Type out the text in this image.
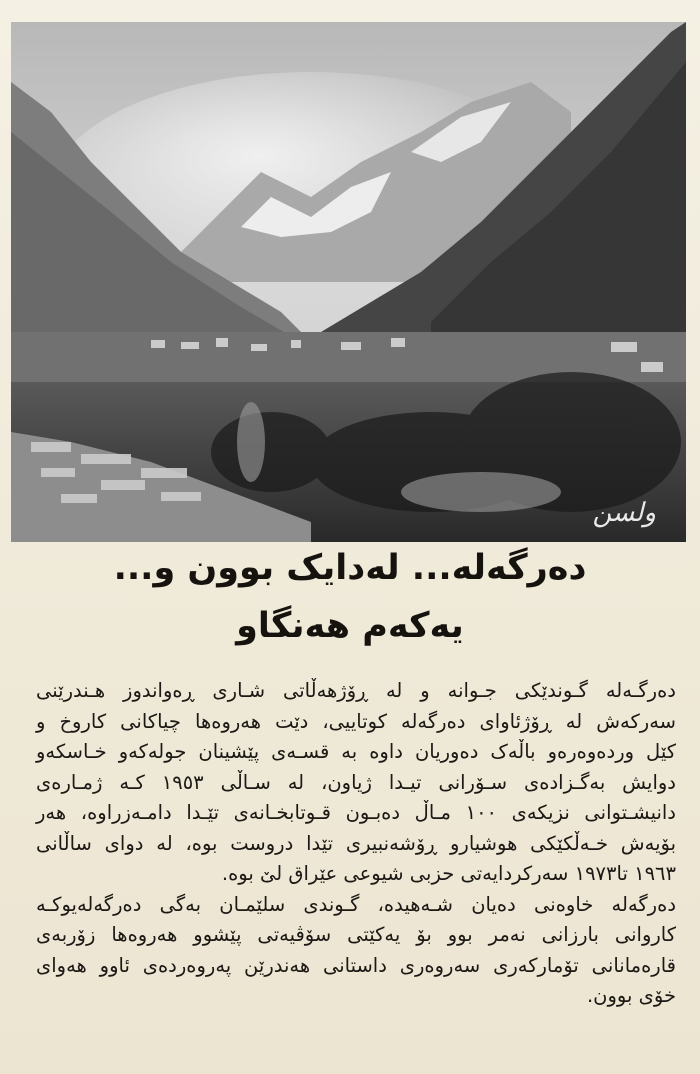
ولسن
دەرگەلە... لەدایک بوون و...
یەکەم هەنگاو
دەرگـەلە گـوندێکی جـوانە و لە ڕۆژهەڵاتی شـاری ڕەواندوز هـندرێنی
سەرکەش لە ڕۆژئاوای دەرگەلە کوتاییی، دێت هەروەها چیاکانی کاروخ و
کێل وردەوەرەو باڵەک دەوریان داوە بە قسـەی پێشینان جولەکەو خـاسکەو
دوایش بەگـزادەی سـۆرانی تیـدا ژیاون، لە سـاڵی ١٩٥٣ کـە ژمـارەی
دانیشـتوانی نزیکەی ١٠٠ مـاڵ دەبـون قـوتابخـانەی تێـدا دامـەزراوە، هەر
بۆیەش خـەڵکێکی هوشیارو ڕۆشەنبیری تێدا دروست بوە، لە دوای ساڵانی
١٩٦٣ تا١٩٧٣ سەرکردایەتی حزبی شیوعی عێراق لێ بوە.
دەرگەلە خاوەنی دەیان شـەهیدە، گـوندی سلێمـان بەگی دەرگەلەیوکـە
کاروانی بارزانی نەمر بوو بۆ یەکێتی سۆڤیەتی پێشوو هەروەها زۆربەی
قارەمانانی تۆمارکەری سەروەری داستانی هەندرێن پەروەردەی ئاوو هەوای
خۆی بوون.
